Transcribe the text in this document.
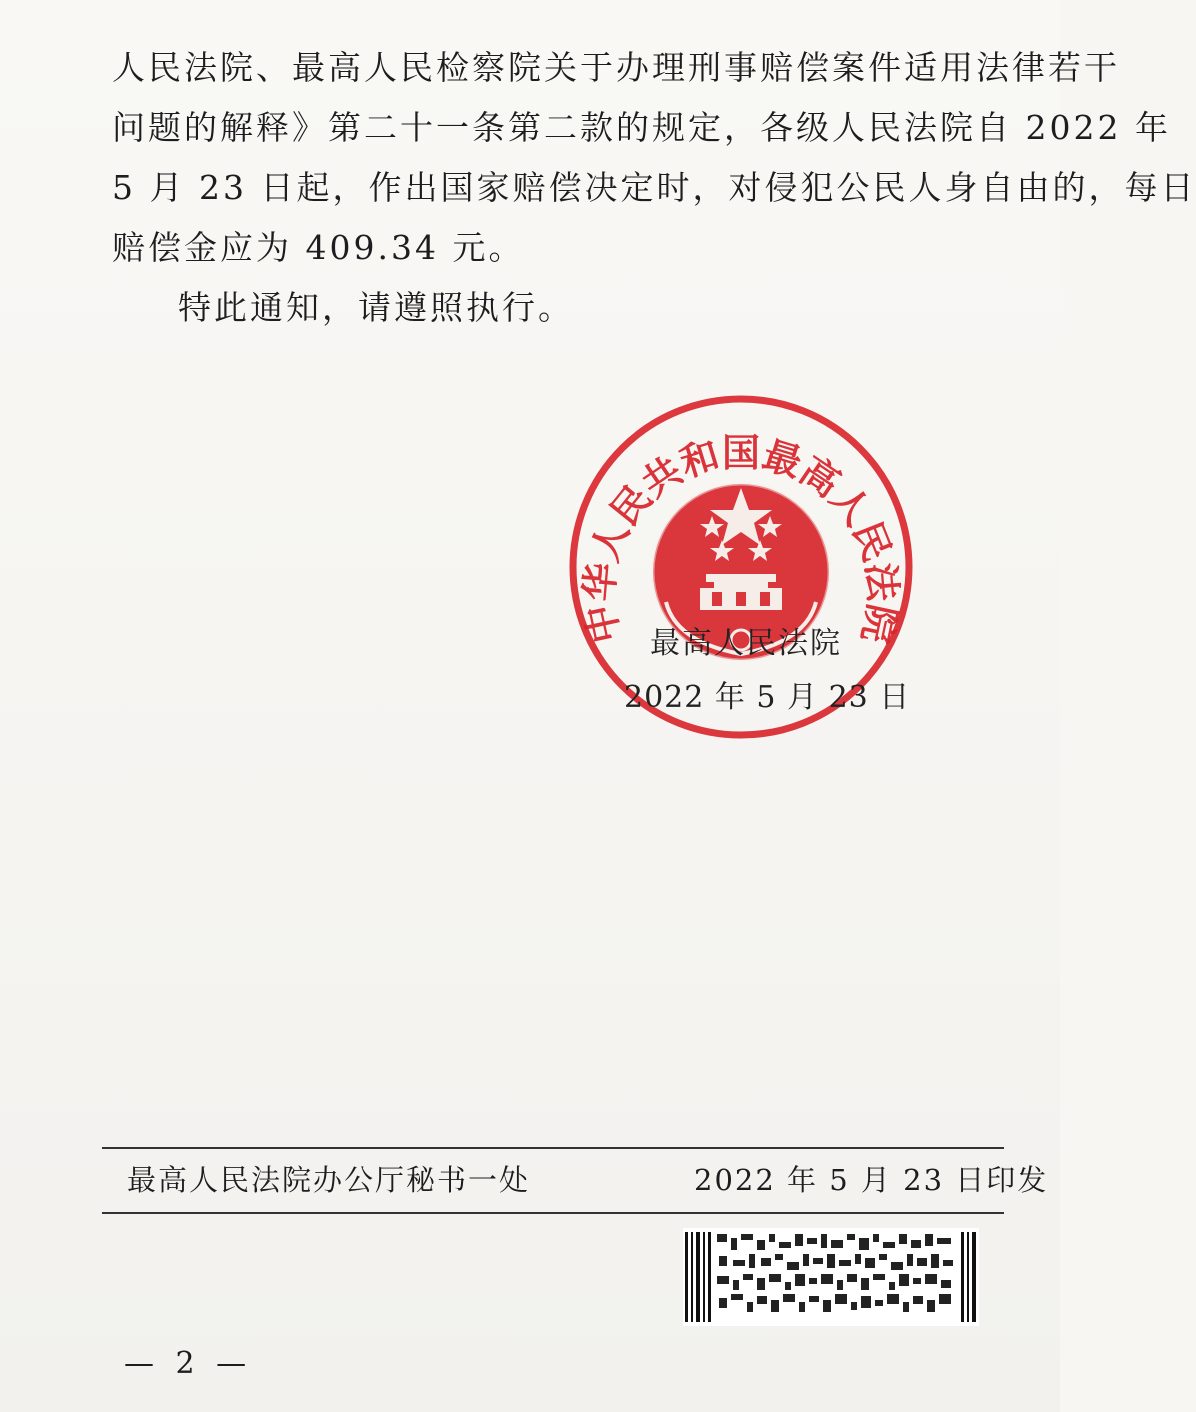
人民法院、最高人民检察院关于办理刑事赔偿案件适用法律若干
问题的解释》第二十一条第二款的规定，各级人民法院自 2022 年
5 月 23 日起，作出国家赔偿决定时，对侵犯公民人身自由的，每日
赔偿金应为 409.34 元。
特此通知，请遵照执行。
中华人民共和国最高人民法院
最高人民法院
2022 年 5 月 23 日
最高人民法院办公厅秘书一处	2022 年 5 月 23 日印发
— 2 —
